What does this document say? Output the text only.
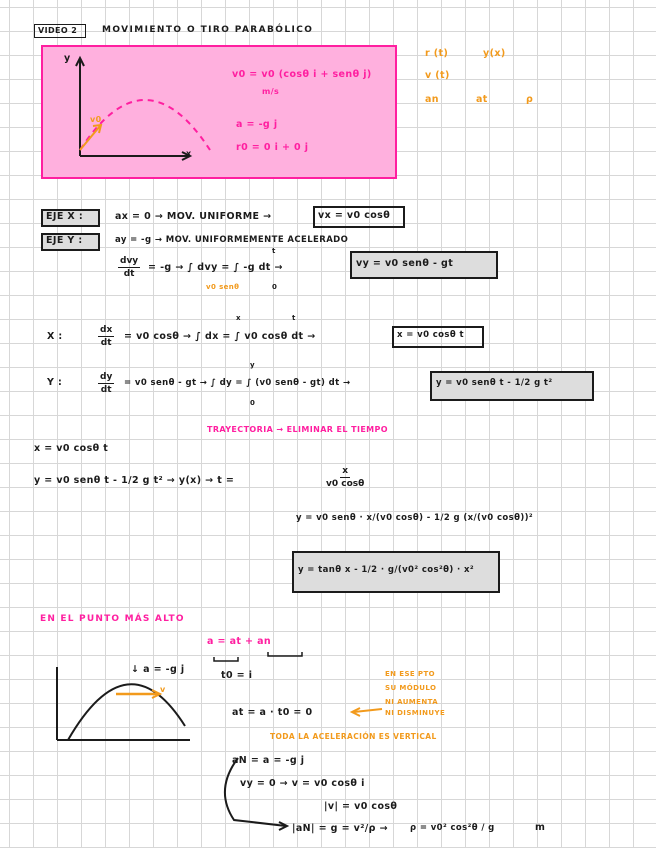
VIDEO 2	MOVIMIENTO O TIRO PARABÓLICO
y
x
v0
v0 = v0 (cosθ i + senθ j)
m/s
a = -g j
r0 = 0 i + 0 j
r (t)	y(x)
v (t)
an	at	ρ
EJE X :	ax = 0 → MOV. UNIFORME →	vx = v0 cosθ
EJE Y :	ay = -g → MOV. UNIFORMEMENTE ACELERADO
dvy
dt
= -g → ∫ dvy = ∫ -g dt →
v0 senθ	0
t
vy = v0 senθ - gt
X :	$\frac{dx}{dt} = v0$ cosθ → ∫ dx = ∫ v0 cosθ dt →
x	t
x = v0 cosθ t
Y :	$\frac{dy}{dt} = v0$ senθ - gt → ∫ dy = ∫ (v0 senθ - gt) dt →
0
y
y = v0 senθ t - 1/2 g t²
TRAYECTORIA → ELIMINAR EL TIEMPO
x = v0 cosθ t
y = v0 senθ t - 1/2 g t² → y(x) → t =	$\frac{x}{v0 \cos\theta}$
y = v0 senθ · x/(v0 cosθ) - 1/2 g (x/(v0 cosθ))²
y = tanθ x - 1/2 · g/(v0² cos²θ) · x²
EN EL PUNTO MÁS ALTO
a = at + an
t0 = i
↓ a = -g j
v
at = a · t0 = 0
EN ESE PTO
SU MÓDULO
NI AUMENTA
NI DISMINUYE
TODA LA ACELERACIÓN ES VERTICAL
aN = a = -g j
vy = 0 → v = v0 cosθ i
|v| = v0 cosθ
|aN| = g = v²/ρ →	ρ = v0² cos²θ / g	m
